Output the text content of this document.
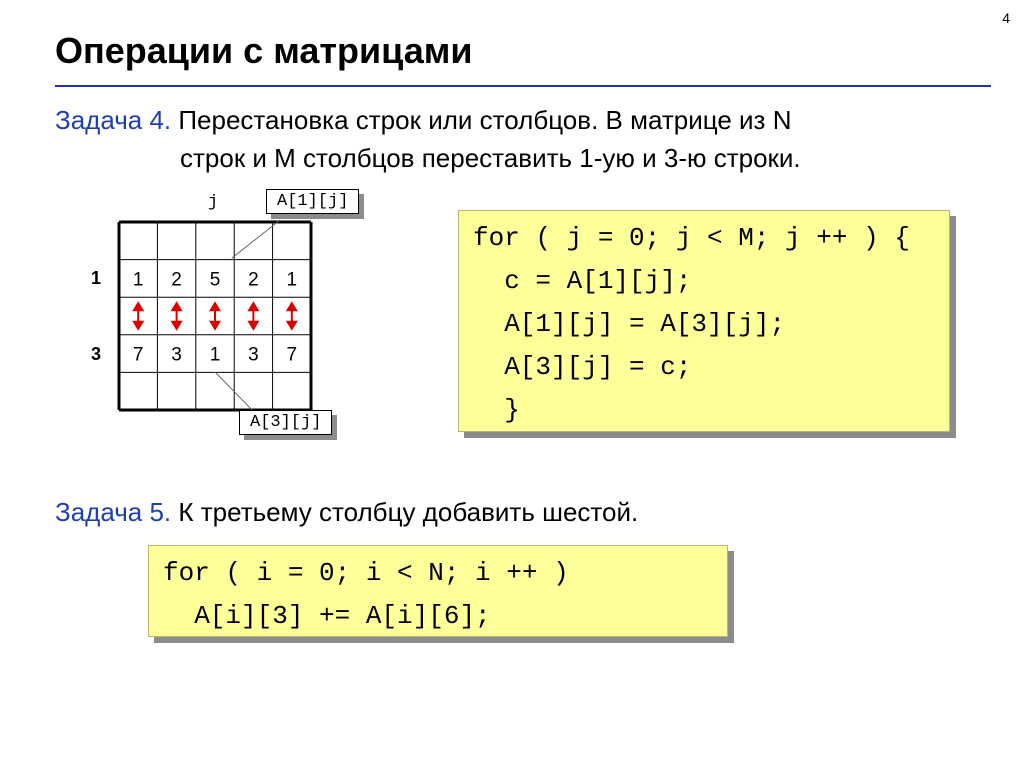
4
Операции с матрицами
Задача 4. Перестановка строк или столбцов. В матрице из N
строк и M столбцов переставить 1-ую и 3-ю строки.
1 2 5 2 1
7 3 1 3 7
j
1
3
A[1][j]
A[3][j]
for ( j = 0; j < M; j ++ ) {
c = A[1][j];
A[1][j] = A[3][j];
A[3][j] = c;
}
Задача 5. К третьему столбцу добавить шестой.
for ( i = 0; i < N; i ++ )
A[i][3] += A[i][6];
